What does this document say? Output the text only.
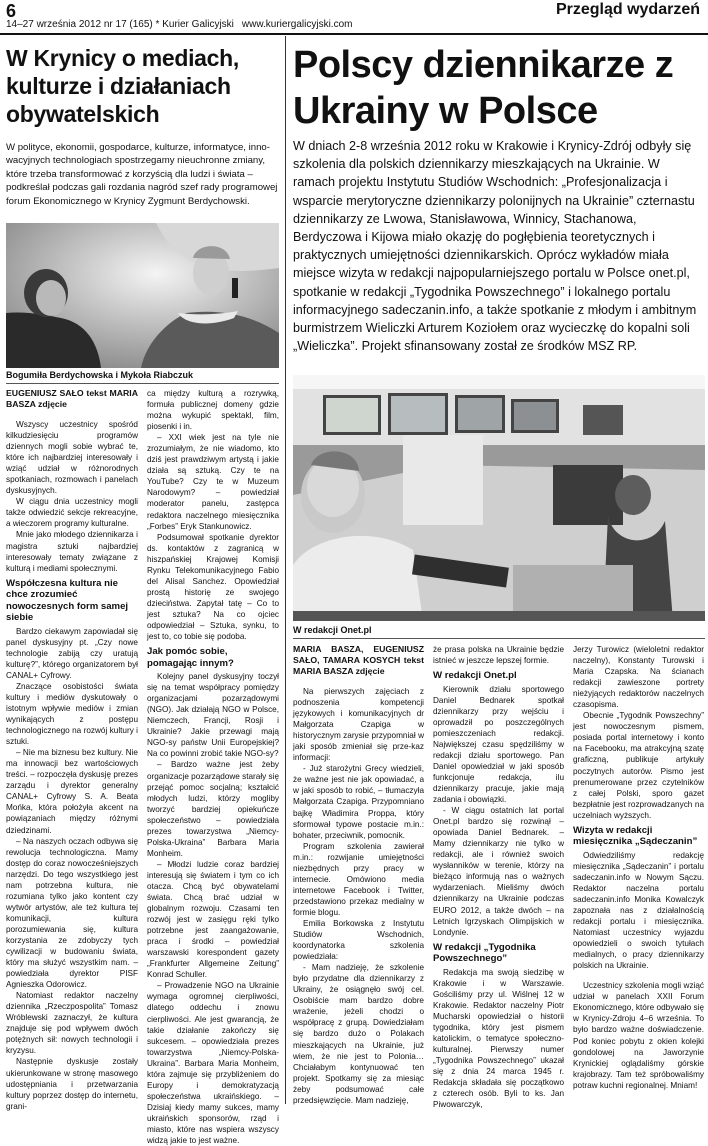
6
14–27 września 2012 nr 17 (165) * Kurier Galicyjski www.kuriergalicyjski.com
Przegląd wydarzeń
W Krynicy o mediach, kulturze i działaniach obywatelskich

W polityce, ekonomii, gospodarce, kulturze, informatyce, inno-wacyjnych technologiach spostrzegamy nieuchronne zmiany, które trzeba transformować z korzyścią dla ludzi i świata – podkreślał podczas gali rozdania nagród szef rady programowej forum Ekonomicznego w Krynicy Zygmunt Berdychowski.

Bogumiła Berdychowska i Mykoła Riabczuk

EUGENIUSZ SAŁO tekst MARIA BASZA zdjęcie

Wszyscy uczestnicy spośród kilkudziesięciu programów dziennych mogli sobie wybrać te, które ich najbardziej interesowały i wziąć udział w różnorodnych spotkaniach, rozmowach i panelach dyskusyjnych.

W ciągu dnia uczestnicy mogli także odwiedzić sekcje rekreacyjne, a wieczorem programy kulturalne.

Mnie jako młodego dziennikarza i magistra sztuki najbardziej interesowały tematy związane z kulturą i mediami społecznymi.

Współczesna kultura nie chce zrozumieć nowoczesnych form samej siebie

Bardzo ciekawym zapowiadał się panel dyskusyjny pt. „Czy nowe technologie zabiją czy uratują kulturę?”, którego organizatorem był CANAL+ Cyfrowy.

Znaczące osobistości świata kultury i mediów dyskutowały o istotnym wpływie mediów i zmian wynikających z postępu technologicznego na rozwój kultury i sztuki.

– Nie ma biznesu bez kultury. Nie ma innowacji bez wartościowych treści. – rozpoczęła dyskusję prezes zarządu i dyrektor generalny CANAL+ Cyfrowy S. A. Beata Mońka, która położyła akcent na powiązaniach między różnymi dziedzinami.

– Na naszych oczach odbywa się rewolucja technologiczna. Mamy dostęp do coraz nowocześniejszych narzędzi. Do tego wszystkiego jest nam potrzebna kultura, nie rozumiana tylko jako kontent czy wytwór artystów, ale też kultura tej komunikacji, kultura porozumiewania się, kultura korzystania ze zdobyczy tych cywilizacji w budowaniu świata, który ma służyć wszystkim nam. – powiedziała dyrektor PISF Agnieszka Odorowicz.

Natomiast redaktor naczelny dziennika „Rzeczpospolita” Tomasz Wróblewski zaznaczył, że kultura znajduje się pod wpływem dwóch potężnych sił: nowych technologii i kryzysu.

Następnie dyskusje zostały ukierunkowane w stronę masowego udostępniania i przetwarzania kultury poprzez dostęp do internetu, grani-

ca między kulturą a rozrywką, formuła publicznej domeny gdzie można wykupić spektakl, film, piosenki i in.

– XXI wiek jest na tyle nie zrozumiałym, że nie wiadomo, kto dziś jest prawdziwym artystą i jakie działa są sztuką. Czy te na YouTube? Czy te w Muzeum Narodowym? – powiedział moderator panelu, zastępca redaktora naczelnego miesięcznika „Forbes” Eryk Stankunowicz.

Podsumował spotkanie dyrektor ds. kontaktów z zagranicą w hiszpańskiej Krajowej Komisji Rynku Telekomunikacyjnego Fabio del Alisal Sanchez. Opowiedział prostą historię ze swojego dzieciństwa. Zapytał tatę – Co to jest sztuka? Na co ojciec odpowiedział – Sztuka, synku, to jest to, co tobie się podoba.

Jak pomóc sobie, pomagając innym?

Kolejny panel dyskusyjny toczył się na temat współpracy pomiędzy organizacjami pozarządowymi (NGO). Jak działają NGO w Polsce, Niemczech, Francji, Rosji i Ukrainie? Jakie przewagi mają NGO-sy państw Unii Europejskiej? Na co powinni zrobić takie NGO-sy?

– Bardzo ważne jest żeby organizacje pozarządowe starały się przejąć pomoc socjalną; kształcić młodych ludzi, którzy mogliby tworzyć bardziej opiekuńcze społeczeństwo – powiedziała prezes towarzystwa „Niemcy-Polska-Ukraina” Barbara Maria Monheim.

– Młodzi ludzie coraz bardziej interesują się światem i tym co ich otacza. Chcą być obywatelami świata. Chcą brać udział w globalnym rozwoju. Czasami ten rozwój jest w zasięgu ręki tylko potrzebne jest zaangażowanie, praca i środki – powiedział warszawski korespondent gazety „Frankfurter Allgemeine Zeitung” Konrad Schuller.

– Prowadzenie NGO na Ukrainie wymaga ogromnej cierpliwości, dlatego oddechu i znowu cierpliwości. Ale jest gwarancją, że takie działanie zakończy się sukcesem. – opowiedziała prezes towarzystwa „Niemcy-Polska-Ukraina”. Barbara Maria Monheim, która zajmuje się przybliżeniem do Europy i demokratyzacją społeczeństwa ukraińskiego. – Dzisiaj kiedy mamy sukces, mamy ukraińskich sponsorów, rząd i miasto, które nas wspiera wszyscy widzą jakie to jest ważne.

Polscy dziennikarze z Ukrainy w Polsce

W dniach 2-8 września 2012 roku w Krakowie i Krynicy-Zdrój odbyły się szkolenia dla polskich dziennikarzy mieszkających na Ukrainie. W ramach projektu Instytutu Studiów Wschodnich: „Profesjonalizacja i wsparcie merytoryczne dziennikarzy polonijnych na Ukrainie” czternastu dziennikarzy ze Lwowa, Stanisławowa, Winnicy, Stachanowa, Berdyczowa i Kijowa miało okazję do pogłębienia teoretycznych i praktycznych umiejętności dziennikarskich. Oprócz wykładów miała miejsce wizyta w redakcji najpopularniejszego portalu w Polsce onet.pl, spotkanie w redakcji „Tygodnika Powszechnego” i lokalnego portalu informacyjnego sadeczanin.info, a także spotkanie z młodym i ambitnym burmistrzem Wieliczki Arturem Koziołem oraz wycieczkę do kopalni soli „Wieliczka”. Projekt sfinansowany został ze środków MSZ RP.

W redakcji Onet.pl

MARIA BASZA, EUGENIUSZ SAŁO, TAMARA KOSYCH tekst MARIA BASZA zdjęcie

Na pierwszych zajęciach z podnoszenia kompetencji językowych i komunikacyjnych dr Małgorzata Czapiga w historycznym zarysie przypomniał w jaki sposób zmieniał się prze-kaz informacji:

- Już starożytni Grecy wiedzieli, że ważne jest nie jak opowiadać, a w jaki sposób to robić, – tłumaczyła Małgorzata Czapiga. Przypomniano bajkę Władimira Proppa, który sformował typowe postacie m.in.: bohater, przeciwnik, pomocnik.

Program szkolenia zawierał m.in.: rozwijanie umiejętności niezbędnych przy pracy w internecie. Omówiono media internetowe Facebook i Twitter, przedstawiono przekaz medialny w formie blogu.

Emilia Borkowska z Instytutu Studiów Wschodnich, koordynatorka szkolenia powiedziała:

- Mam nadzieję, że szkolenie było przydatne dla dziennikarzy z Ukrainy, że osiągnęło swój cel. Osobiście mam bardzo dobre wrażenie, jeżeli chodzi o współpracę z grupą. Dowiedziałam się bardzo dużo o Polakach mieszkających na Ukrainie, już wiem, że nie jest to Polonia… Chciałabym kontynuować ten projekt. Spotkamy się za miesiąc żeby podsumować całe przedsięwzięcie. Mam nadzieję,

że prasa polska na Ukrainie będzie istnieć w jeszcze lepszej formie.

W redakcji Onet.pl

Kierownik działu sportowego Daniel Bednarek spotkał dziennikarzy przy wejściu i oprowadził po poszczególnych pomieszczeniach redakcji. Największej czasu spędziliśmy w redakcji działu sportowego. Pan Daniel opowiedział w jaki sposób funkcjonuje redakcja, ilu dziennikarzy pracuje, jakie mają zadania i obowiązki.

- W ciągu ostatnich lat portal Onet.pl bardzo się rozwinął – opowiada Daniel Bednarek. – Mamy dziennikarzy nie tylko w redakcji, ale i również swoich wysłanników w terenie, którzy na bieżąco informują nas o ważnych wydarzeniach. Mieliśmy dwóch dziennikarzy na Ukrainie podczas EURO 2012, a także dwóch – na Letnich Igrzyskach Olimpijskich w Londynie.

W redakcji „Tygodnika Powszechnego”

Redakcja ma swoją siedzibę w Krakowie i w Warszawie. Gościliśmy przy ul. Wiślnej 12 w Krakowie. Redaktor naczelny Piotr Mucharski opowiedział o historii tygodnika, który jest pismem katolickim, o tematyce społeczno-kulturalnej. Pierwszy numer „Tygodnika Powszechnego” ukazał się z dnia 24 marca 1945 r. Redakcja składała się początkowo z czterech osób. Byli to ks. Jan Piwowarczyk,

Jerzy Turowicz (wieloletni redaktor naczelny), Konstanty Turowski i Maria Czapska. Na ścianach redakcji zawieszone portrety nieżyjących redaktorów naczelnych czasopisma.

Obecnie „Tygodnik Powszechny” jest nowoczesnym pismem, posiada portal internetowy i konto na Facebooku, ma atrakcyjną szatę graficzną, publikuje artykuły poczytnych autorów. Pismo jest prenumerowane przez czytelników z całej Polski, sporo gazet bezpłatnie jest rozprowadzanych na uczelniach wyższych.

Wizyta w redakcji miesięcznika „Sądeczanin”

Odwiedziliśmy redakcję miesięcznika „Sądeczanin” i portalu sadeczanin.info w Nowym Sączu. Redaktor naczelna portalu sadeczanin.info Monika Kowalczyk zapoznała nas z działalnością redakcji portalu i miesięcznika. Natomiast uczestnicy wyjazdu opowiedzieli o swoich tytułach medialnych, o pracy dziennikarzy polskich na Ukrainie.

Uczestnicy szkolenia mogli wziąć udział w panelach XXII Forum Ekonomicznego, które odbywało się w Krynicy-Zdroju 4–6 września. To było bardzo ważne doświadczenie. Pod koniec pobytu z okien kolejki gondolowej na Jaworzynie Krynickiej oglądaliśmy górskie krajobrazy. Tam też spróbowaliśmy potraw kuchni regionalnej. Mniam!
